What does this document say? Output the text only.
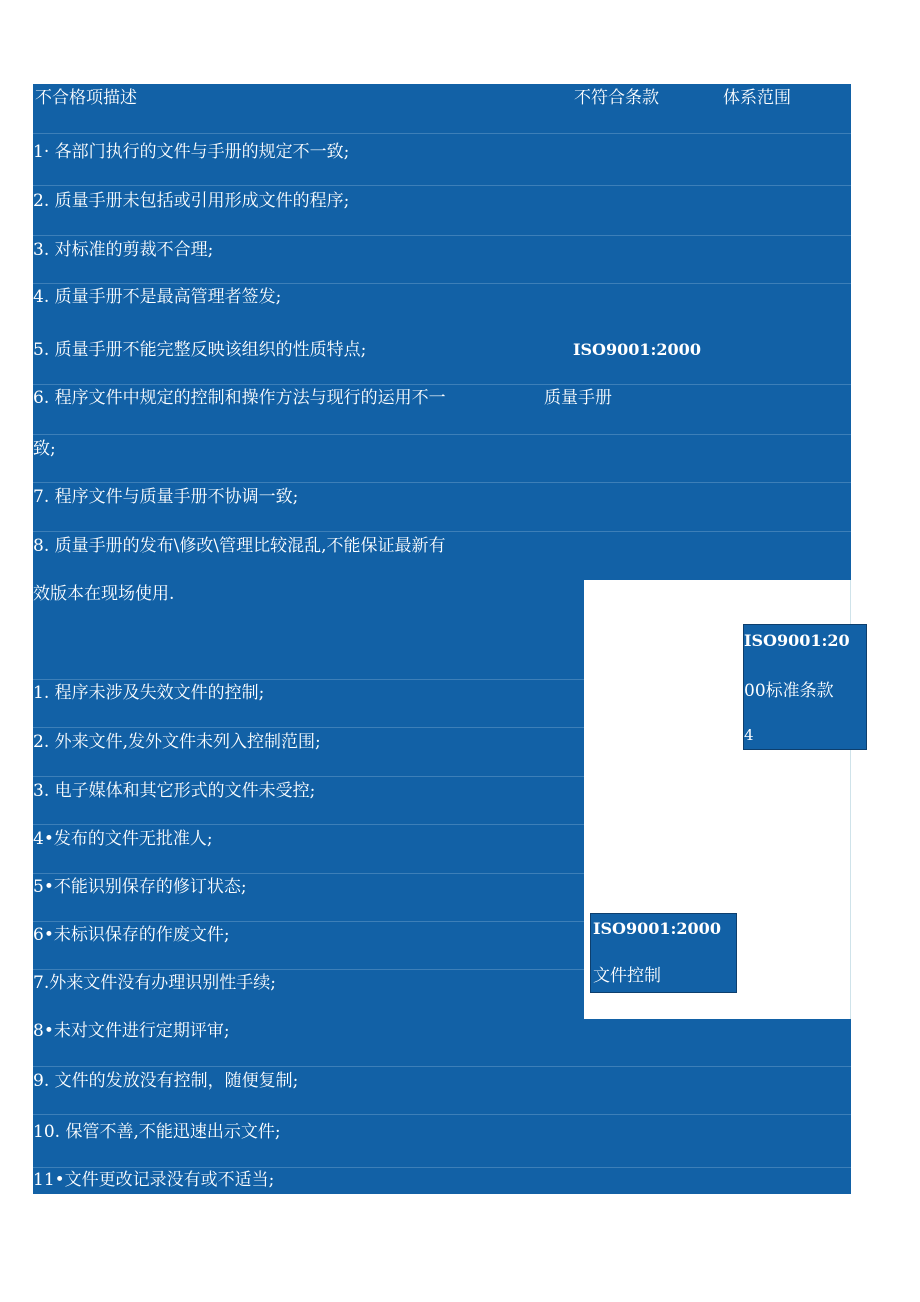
不合格项描述	不符合条款	体系范围
1· 各部门执行的文件与手册的规定不一致;
2. 质量手册未包括或引用形成文件的程序;
3. 对标准的剪裁不合理;
4. 质量手册不是最高管理者签发;
5. 质量手册不能完整反映该组织的性质特点;
6. 程序文件中规定的控制和操作方法与现行的运用不一
致;
7. 程序文件与质量手册不协调一致;
8. 质量手册的发布\修改\管理比较混乱,不能保证最新有
效版本在现场使用.
ISO9001:2000
质量手册
ISO9001:20
00标准条款
4
1. 程序未涉及失效文件的控制;
2. 外来文件,发外文件未列入控制范围;
3. 电子媒体和其它形式的文件未受控;
4•发布的文件无批准人;
5•不能识别保存的修订状态;
6•未标识保存的作废文件;
7.外来文件没有办理识别性手续;
8•未对文件进行定期评审;
9. 文件的发放没有控制，随便复制;
10. 保管不善,不能迅速出示文件;
11•文件更改记录没有或不适当;
ISO9001:2000
文件控制
